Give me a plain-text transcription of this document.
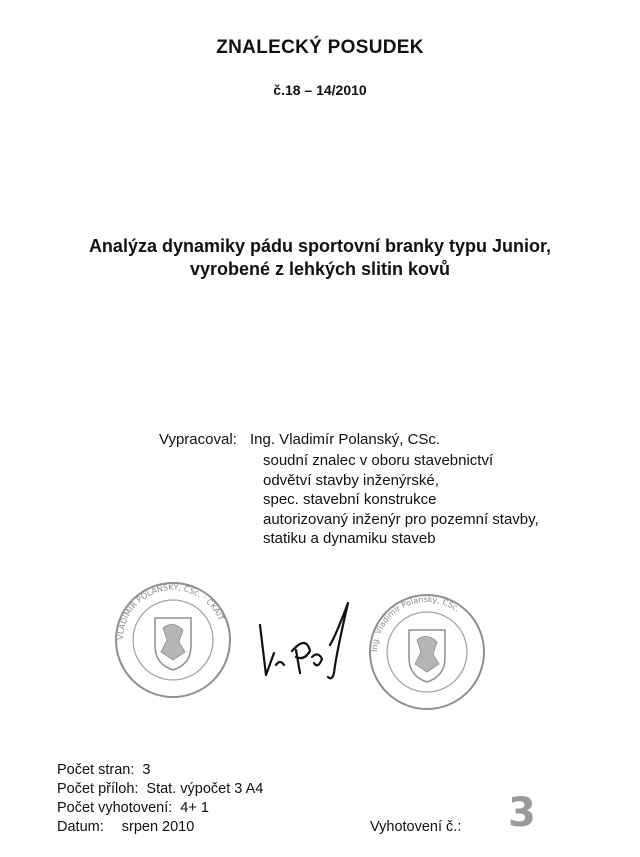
ZNALECKÝ POSUDEK
č.18 – 14/2010
Analýza dynamiky pádu sportovní branky typu Junior,
vyrobené z lehkých slitin kovů
Vypracoval: Ing. Vladimír Polanský, CSc.
soudní znalec v oboru stavebnictví
odvětví stavby inženýrské,
spec. stavební konstrukce
autorizovaný inženýr pro pozemní stavby,
statiku a dynamiku staveb
VLADIMÍR POLANSKÝ, CSc. · ČKAIT
Ing. Vladimír Polanský, CSc.
Počet stran: 3
Počet příloh: Stat. výpočet 3 A4
Počet vyhotovení: 4+ 1
Datum: srpen 2010	Vyhotovení č.: 3
